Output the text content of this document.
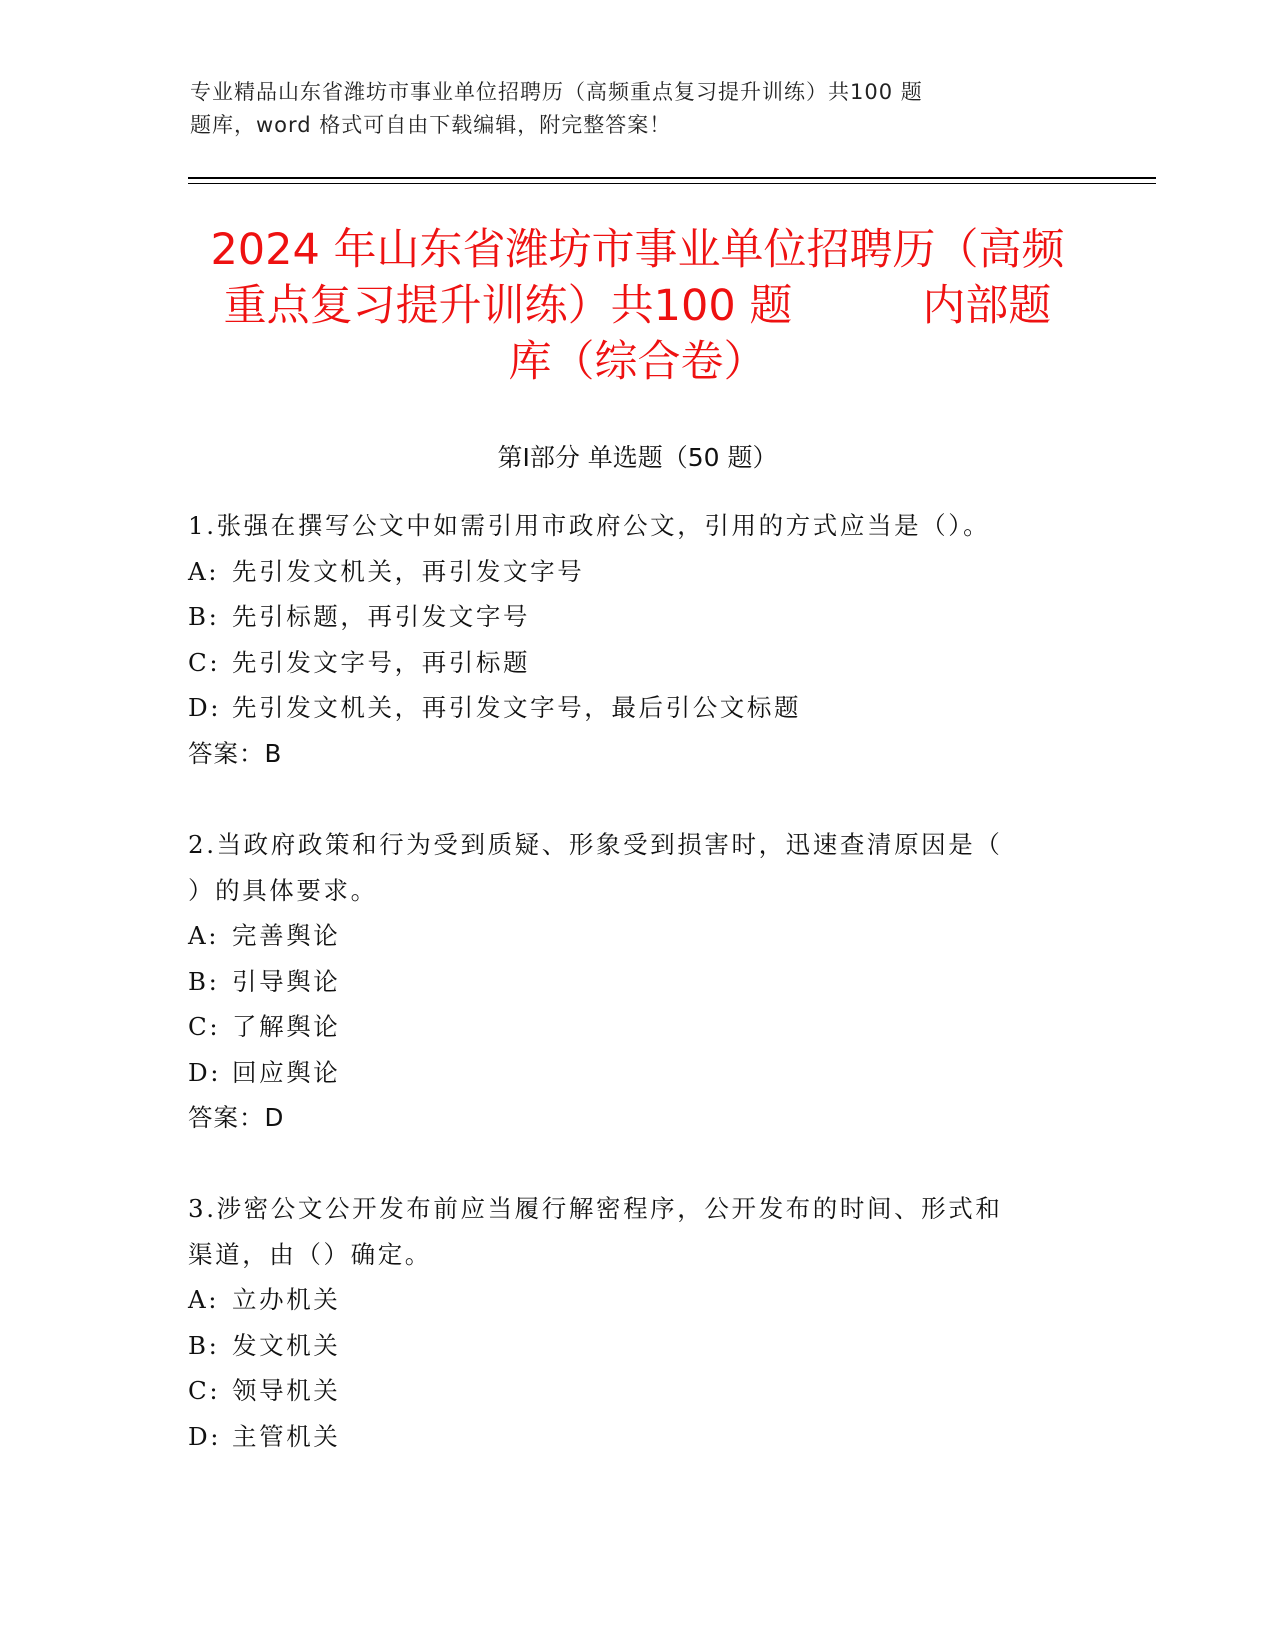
专业精品山东省潍坊市事业单位招聘历（高频重点复习提升训练）共100 题
题库，word 格式可自由下载编辑，附完整答案！
2024 年山东省潍坊市事业单位招聘历（高频
重点复习提升训练）共100 题	内部题
库（综合卷）
第Ⅰ部分 单选题（50 题）
1.张强在撰写公文中如需引用市政府公文，引用的方式应当是（）。
A: 先引发文机关，再引发文字号
B: 先引标题，再引发文字号
C: 先引发文字号，再引标题
D: 先引发文机关，再引发文字号，最后引公文标题
答案：B
2.当政府政策和行为受到质疑、形象受到损害时，迅速查清原因是（
）的具体要求。
A: 完善舆论
B: 引导舆论
C: 了解舆论
D: 回应舆论
答案：D
3.涉密公文公开发布前应当履行解密程序，公开发布的时间、形式和
渠道，由（）确定。
A: 立办机关
B: 发文机关
C: 领导机关
D: 主管机关
